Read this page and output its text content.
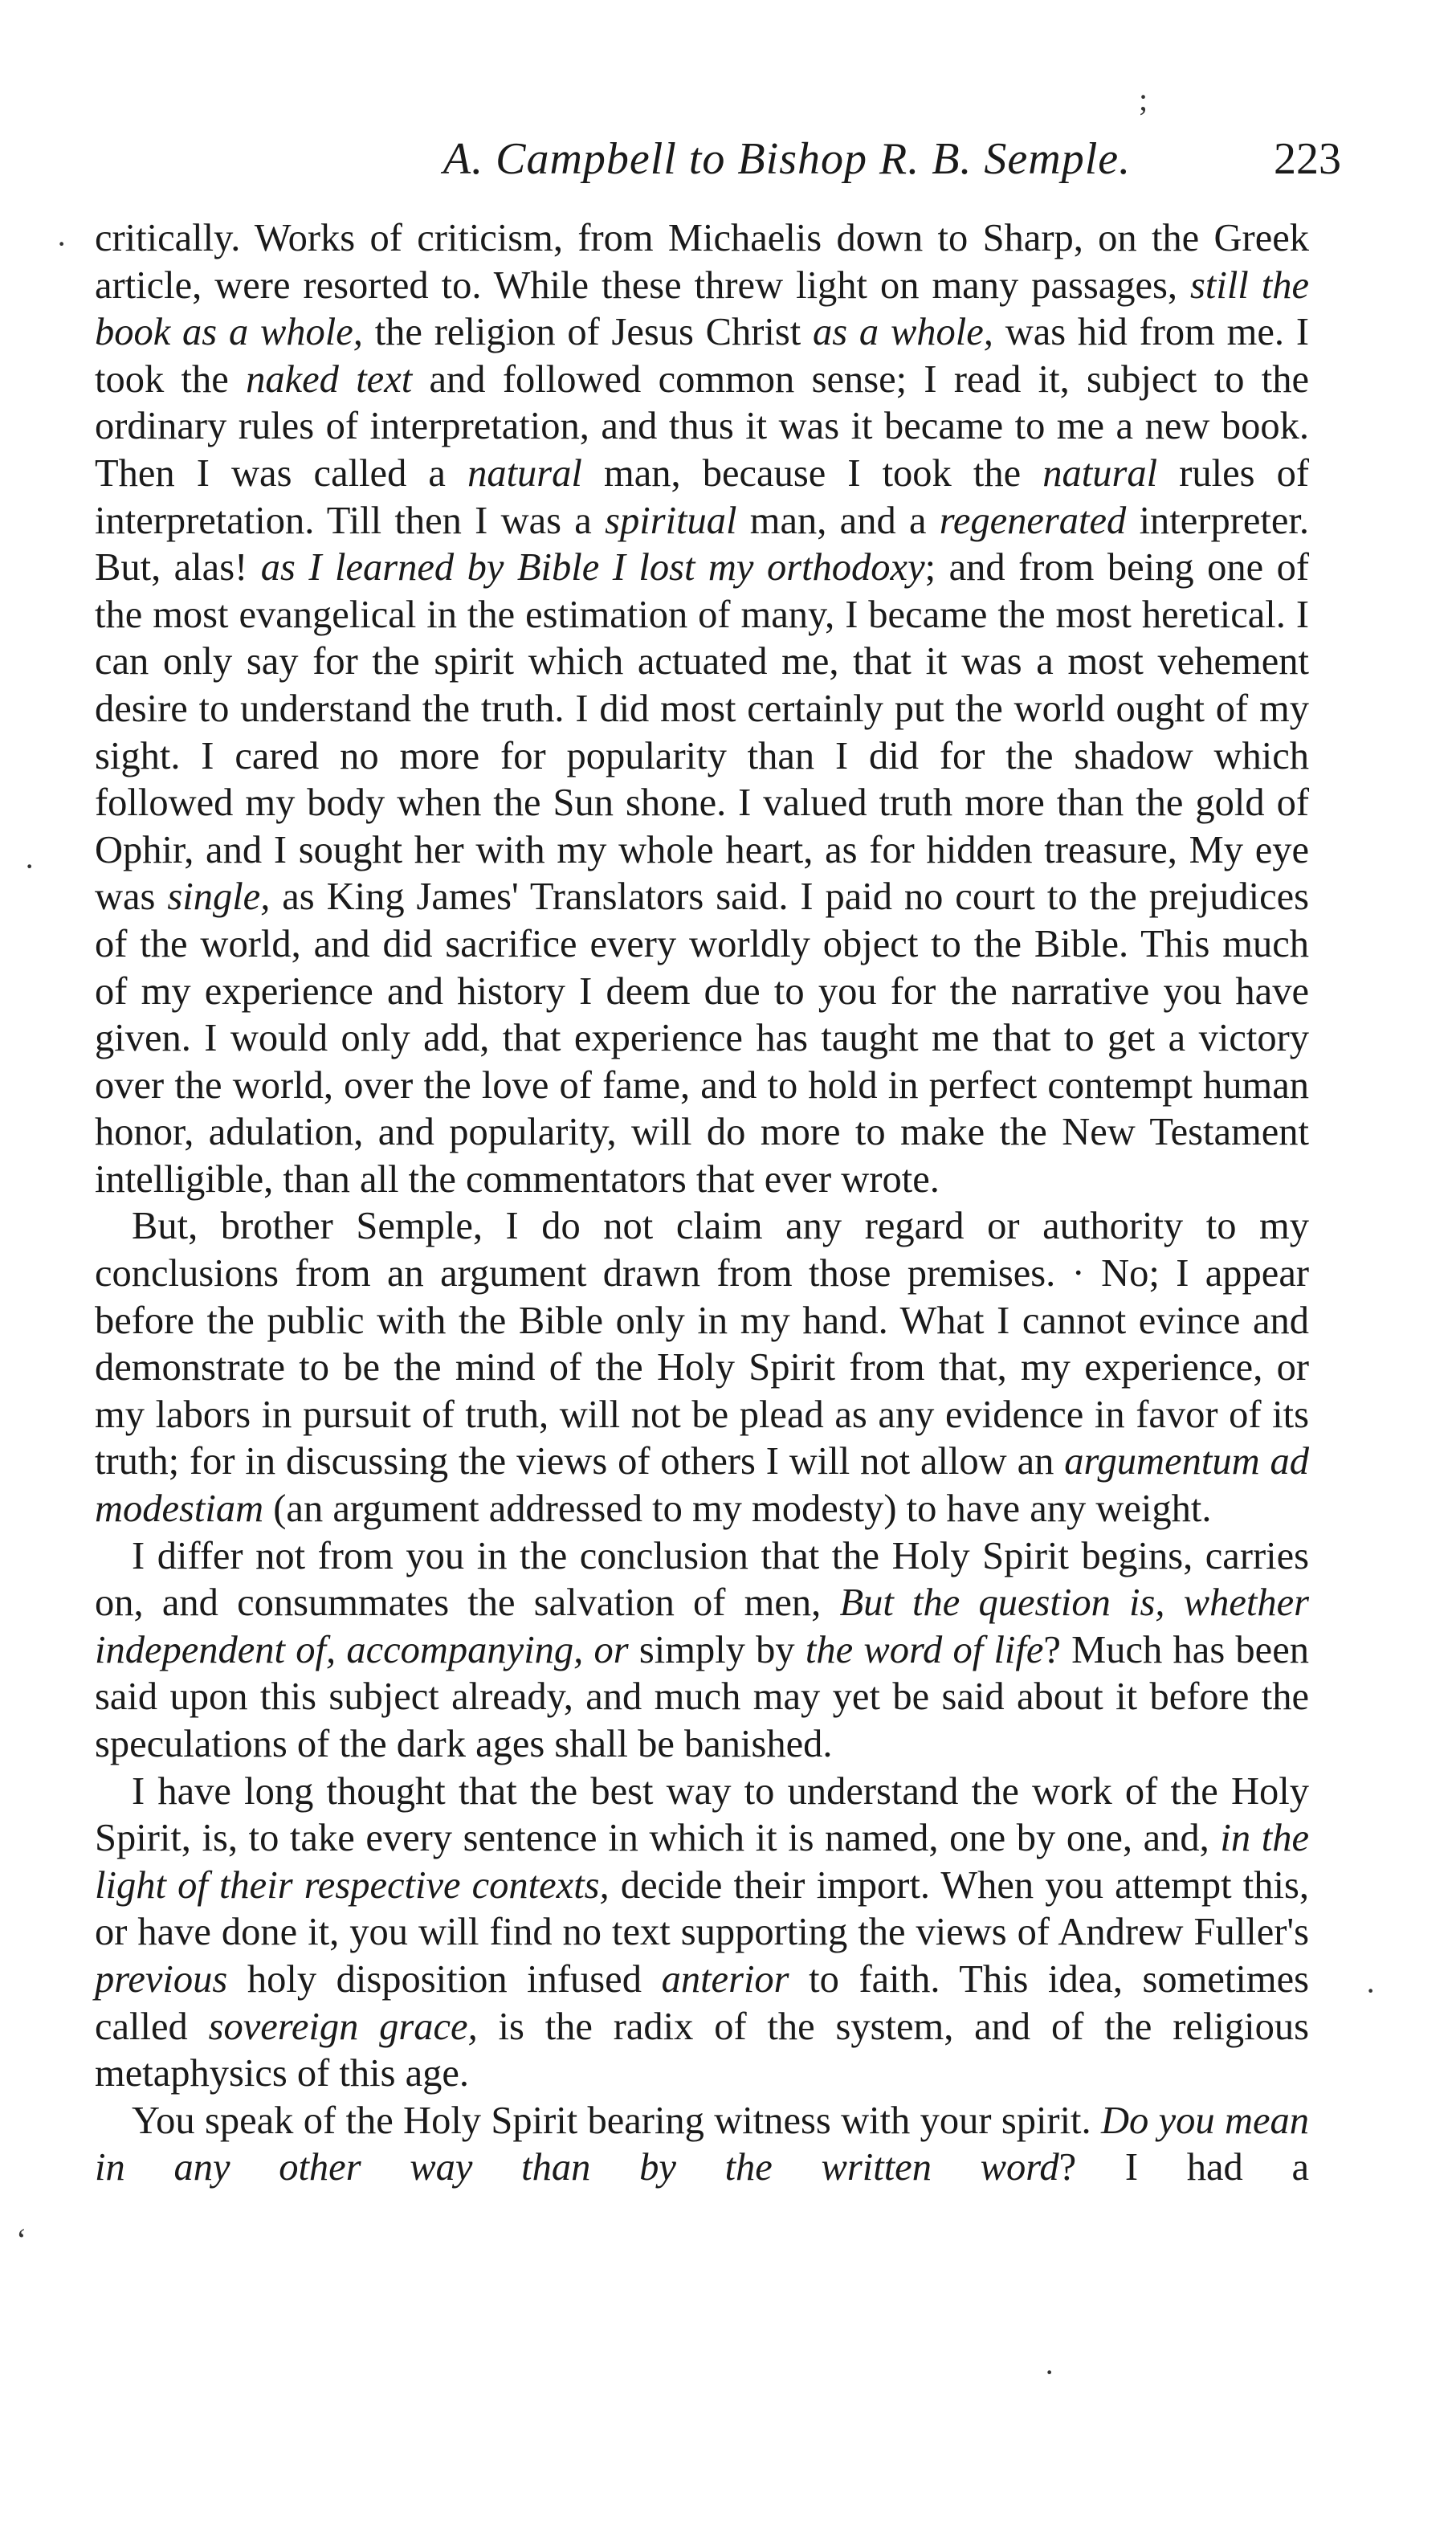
A. Campbell to Bishop R. B. Semple.	223
;
·
·
·
‘
·

critically. Works of criticism, from Michaelis down to Sharp, on the Greek article, were resorted to. While these threw light on many passages, still the book as a whole, the religion of Jesus Christ as a whole, was hid from me. I took the naked text and followed common sense; I read it, subject to the ordinary rules of interpretation, and thus it was it became to me a new book. Then I was called a natural man, because I took the natural rules of interpretation. Till then I was a spiritual man, and a regenerated interpreter. But, alas! as I learned by Bible I lost my orthodoxy; and from being one of the most evangelical in the estimation of many, I became the most heretical. I can only say for the spirit which actuated me, that it was a most vehement desire to understand the truth. I did most certainly put the world ought of my sight. I cared no more for popularity than I did for the shadow which followed my body when the Sun shone. I valued truth more than the gold of Ophir, and I sought her with my whole heart, as for hidden treasure, My eye was single, as King James' Translators said. I paid no court to the prejudices of the world, and did sacrifice every worldly object to the Bible. This much of my experience and history I deem due to you for the narrative you have given. I would only add, that experience has taught me that to get a victory over the world, over the love of fame, and to hold in perfect contempt human honor, adulation, and popularity, will do more to make the New Testament intelligible, than all the commentators that ever wrote.

But, brother Semple, I do not claim any regard or authority to my conclusions from an argument drawn from those premises. · No; I appear before the public with the Bible only in my hand. What I cannot evince and demonstrate to be the mind of the Holy Spirit from that, my experience, or my labors in pursuit of truth, will not be plead as any evidence in favor of its truth; for in discussing the views of others I will not allow an argumentum ad modestiam (an argument addressed to my modesty) to have any weight.

I differ not from you in the conclusion that the Holy Spirit begins, carries on, and consummates the salvation of men, But the question is, whether independent of, accompanying, or simply by the word of life? Much has been said upon this subject already, and much may yet be said about it before the speculations of the dark ages shall be banished.

I have long thought that the best way to understand the work of the Holy Spirit, is, to take every sentence in which it is named, one by one, and, in the light of their respective contexts, decide their import. When you attempt this, or have done it, you will find no text supporting the views of Andrew Fuller's previous holy disposition infused anterior to faith. This idea, sometimes called sovereign grace, is the radix of the system, and of the religious metaphysics of this age.

You speak of the Holy Spirit bearing witness with your spirit. Do you mean in any other way than by the written word? I had a
